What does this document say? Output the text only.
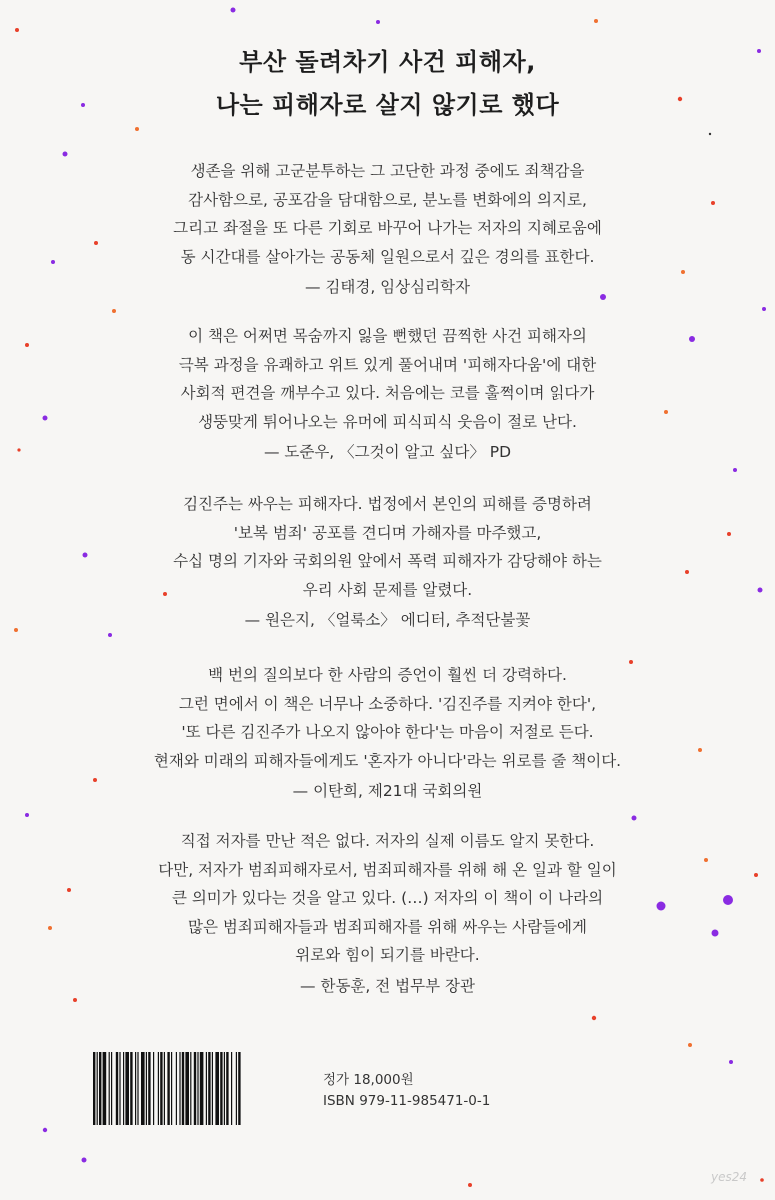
부산 돌려차기 사건 피해자,
나는 피해자로 살지 않기로 했다
생존을 위해 고군분투하는 그 고단한 과정 중에도 죄책감을
감사함으로, 공포감을 담대함으로, 분노를 변화에의 의지로,
그리고 좌절을 또 다른 기회로 바꾸어 나가는 저자의 지혜로움에
동 시간대를 살아가는 공동체 일원으로서 깊은 경의를 표한다.
— 김태경, 임상심리학자
이 책은 어쩌면 목숨까지 잃을 뻔했던 끔찍한 사건 피해자의
극복 과정을 유쾌하고 위트 있게 풀어내며 '피해자다움'에 대한
사회적 편견을 깨부수고 있다. 처음에는 코를 훌쩍이며 읽다가
생뚱맞게 튀어나오는 유머에 피식피식 웃음이 절로 난다.
— 도준우, 〈그것이 알고 싶다〉 PD
김진주는 싸우는 피해자다. 법정에서 본인의 피해를 증명하려
'보복 범죄' 공포를 견디며 가해자를 마주했고,
수십 명의 기자와 국회의원 앞에서 폭력 피해자가 감당해야 하는
우리 사회 문제를 알렸다.
— 원은지, 〈얼룩소〉 에디터, 추적단불꽃
백 번의 질의보다 한 사람의 증언이 훨씬 더 강력하다.
그런 면에서 이 책은 너무나 소중하다. '김진주를 지켜야 한다',
'또 다른 김진주가 나오지 않아야 한다'는 마음이 저절로 든다.
현재와 미래의 피해자들에게도 '혼자가 아니다'라는 위로를 줄 책이다.
— 이탄희, 제21대 국회의원
직접 저자를 만난 적은 없다. 저자의 실제 이름도 알지 못한다.
다만, 저자가 범죄피해자로서, 범죄피해자를 위해 해 온 일과 할 일이
큰 의미가 있다는 것을 알고 있다. (…) 저자의 이 책이 이 나라의
많은 범죄피해자들과 범죄피해자를 위해 싸우는 사람들에게
위로와 힘이 되기를 바란다.
— 한동훈, 전 법무부 장관
정가 18,000원
ISBN 979-11-985471-0-1
yes24
